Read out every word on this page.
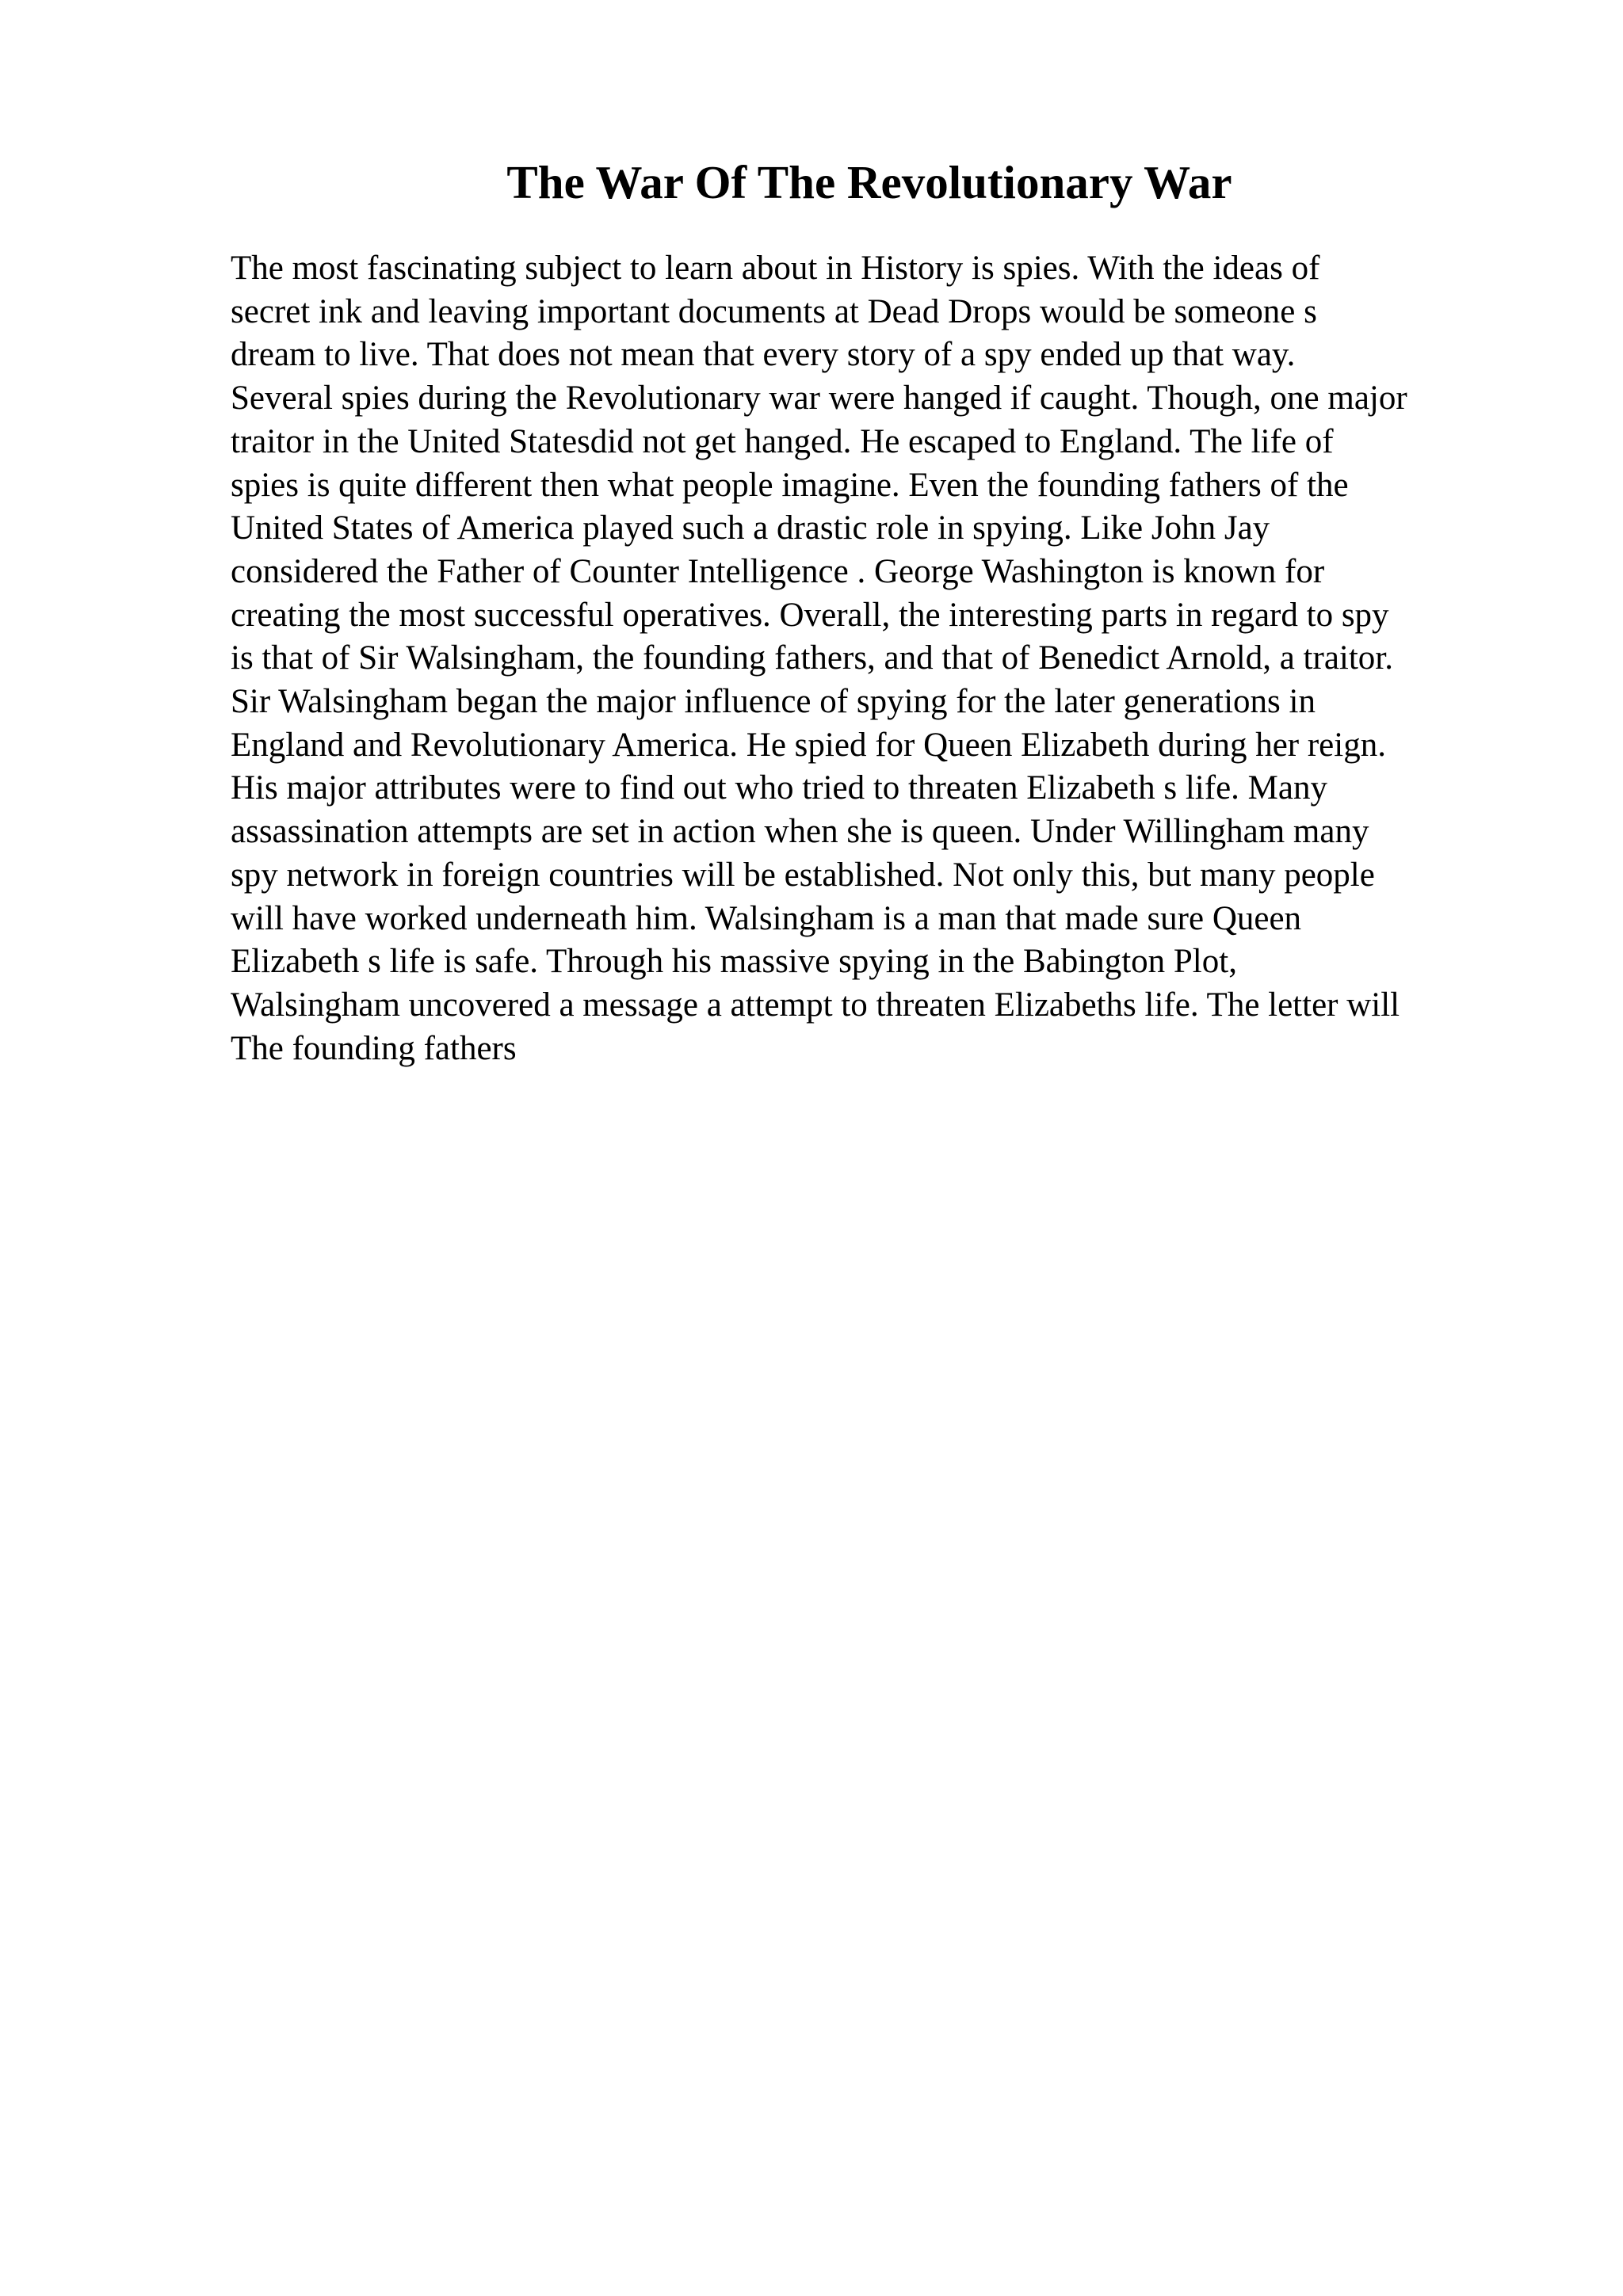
The War Of The Revolutionary War

The most fascinating subject to learn about in History is spies. With the ideas of

secret ink and leaving important documents at Dead Drops would be someone s

dream to live. That does not mean that every story of a spy ended up that way.

Several spies during the Revolutionary war were hanged if caught. Though, one major

traitor in the United Statesdid not get hanged. He escaped to England. The life of

spies is quite different then what people imagine. Even the founding fathers of the

United States of America played such a drastic role in spying. Like John Jay

considered the Father of Counter Intelligence . George Washington is known for

creating the most successful operatives. Overall, the interesting parts in regard to spy

is that of Sir Walsingham, the founding fathers, and that of Benedict Arnold, a traitor.

Sir Walsingham began the major influence of spying for the later generations in

England and Revolutionary America. He spied for Queen Elizabeth during her reign.

His major attributes were to find out who tried to threaten Elizabeth s life. Many

assassination attempts are set in action when she is queen. Under Willingham many

spy network in foreign countries will be established. Not only this, but many people

will have worked underneath him. Walsingham is a man that made sure Queen

Elizabeth s life is safe. Through his massive spying in the Babington Plot,

Walsingham uncovered a message a attempt to threaten Elizabeths life. The letter will

The founding fathers
